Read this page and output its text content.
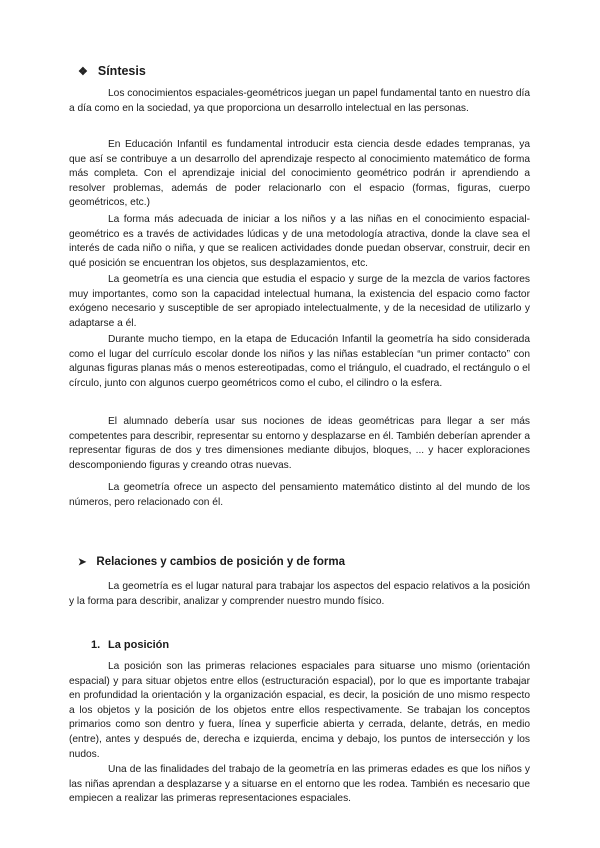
❖ Síntesis

Los conocimientos espaciales-geométricos juegan un papel fundamental tanto en nuestro día a día como en la sociedad, ya que proporciona un desarrollo intelectual en las personas.

En Educación Infantil es fundamental introducir esta ciencia desde edades tempranas, ya que así se contribuye a un desarrollo del aprendizaje respecto al conocimiento matemático de forma más completa. Con el aprendizaje inicial del conocimiento geométrico podrán ir aprendiendo a resolver problemas, además de poder relacionarlo con el espacio (formas, figuras, cuerpo geométricos, etc.)

La forma más adecuada de iniciar a los niños y a las niñas en el conocimiento espacial-geométrico es a través de actividades lúdicas y de una metodología atractiva, donde la clave sea el interés de cada niño o niña, y que se realicen actividades donde puedan observar, construir, decir en qué posición se encuentran los objetos, sus desplazamientos, etc.

La geometría es una ciencia que estudia el espacio y surge de la mezcla de varios factores muy importantes, como son la capacidad intelectual humana, la existencia del espacio como factor exógeno necesario y susceptible de ser apropiado intelectualmente, y de la necesidad de utilizarlo y adaptarse a él.

Durante mucho tiempo, en la etapa de Educación Infantil la geometría ha sido considerada como el lugar del currículo escolar donde los niños y las niñas establecían “un primer contacto” con algunas figuras planas más o menos estereotipadas, como el triángulo, el cuadrado, el rectángulo o el círculo, junto con algunos cuerpo geométricos como el cubo, el cilindro o la esfera.

El alumnado debería usar sus nociones de ideas geométricas para llegar a ser más competentes para describir, representar su entorno y desplazarse en él. También deberían aprender a representar figuras de dos y tres dimensiones mediante dibujos, bloques, ... y hacer exploraciones descomponiendo figuras y creando otras nuevas.

La geometría ofrece un aspecto del pensamiento matemático distinto al del mundo de los números, pero relacionado con él.

➤ Relaciones y cambios de posición y de forma

La geometría es el lugar natural para trabajar los aspectos del espacio relativos a la posición y la forma para describir, analizar y comprender nuestro mundo físico.

1. La posición

La posición son las primeras relaciones espaciales para situarse uno mismo (orientación espacial) y para situar objetos entre ellos (estructuración espacial), por lo que es importante trabajar en profundidad la orientación y la organización espacial, es decir, la posición de uno mismo respecto a los objetos y la posición de los objetos entre ellos respectivamente. Se trabajan los conceptos primarios como son dentro y fuera, línea y superficie abierta y cerrada, delante, detrás, en medio (entre), antes y después de, derecha e izquierda, encima y debajo, los puntos de intersección y los nudos.

Una de las finalidades del trabajo de la geometría en las primeras edades es que los niños y las niñas aprendan a desplazarse y a situarse en el entorno que les rodea. También es necesario que empiecen a realizar las primeras representaciones espaciales.
